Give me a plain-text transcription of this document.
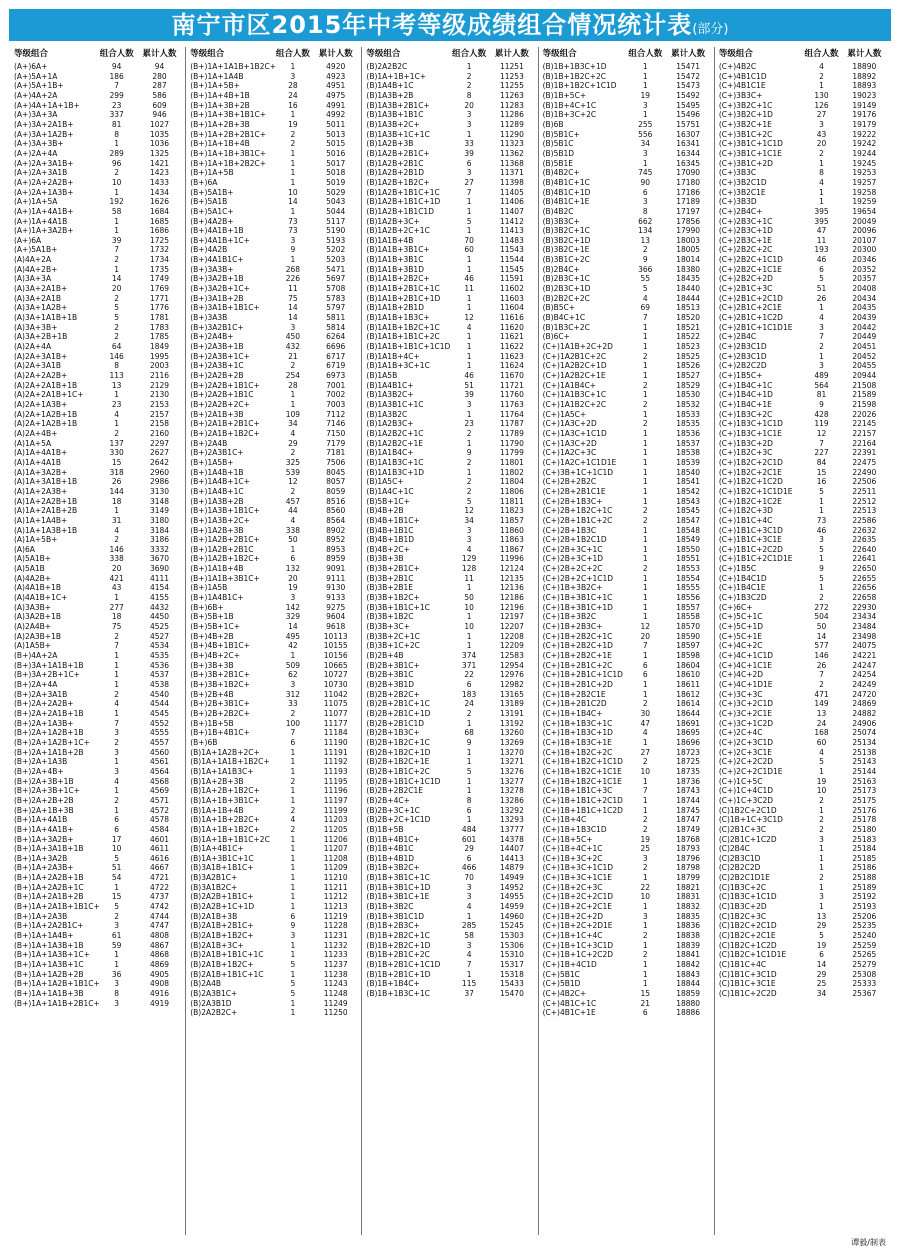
南宁市区2015年中考等级成绩组合情况统计表(部分)
等级组合	组合人数	累计人数
(A+)6A+	94	94
(A+)5A+1A	186	280
(A+)5A+1B+	7	287
(A+)4A+2A	299	586
(A+)4A+1A+1B+	23	609
(A+)3A+3A	337	946
(A+)3A+2A1B+	81	1027
(A+)3A+1A2B+	8	1035
(A+)3A+3B+	1	1036
(A+)2A+4A	289	1325
(A+)2A+3A1B+	96	1421
(A+)2A+3A1B	2	1423
(A+)2A+2A2B+	10	1433
(A+)2A+1A3B+	1	1434
(A+)1A+5A	192	1626
(A+)1A+4A1B+	58	1684
(A+)1A+4A1B	1	1685
(A+)1A+3A2B+	1	1686
(A+)6A	39	1725
(A+)5A1B+	7	1732
(A)4A+2A	2	1734
(A)4A+2B+	1	1735
(A)3A+3A	14	1749
(A)3A+2A1B+	20	1769
(A)3A+2A1B	2	1771
(A)3A+1A2B+	5	1776
(A)3A+1A1B+1B	5	1781
(A)3A+3B+	2	1783
(A)3A+2B+1B	2	1785
(A)2A+4A	64	1849
(A)2A+3A1B+	146	1995
(A)2A+3A1B	8	2003
(A)2A+2A2B+	113	2116
(A)2A+2A1B+1B	13	2129
(A)2A+2A1B+1C+	1	2130
(A)2A+1A3B+	23	2153
(A)2A+1A2B+1B	4	2157
(A)2A+1A2B+1B	1	2158
(A)2A+4B+	2	2160
(A)1A+5A	137	2297
(A)1A+4A1B+	330	2627
(A)1A+4A1B	15	2642
(A)1A+3A2B+	318	2960
(A)1A+3A1B+1B	26	2986
(A)1A+2A3B+	144	3130
(A)1A+2A2B+1B	18	3148
(A)1A+2A1B+2B	1	3149
(A)1A+1A4B+	31	3180
(A)1A+1A3B+1B	4	3184
(A)1A+5B+	2	3186
(A)6A	146	3332
(A)5A1B+	338	3670
(A)5A1B	20	3690
(A)4A2B+	421	4111
(A)4A1B+1B	43	4154
(A)4A1B+1C+	1	4155
(A)3A3B+	277	4432
(A)3A2B+1B	18	4450
(A)2A4B+	75	4525
(A)2A3B+1B	2	4527
(A)1A5B+	7	4534
(B+)4A+2A	1	4535
(B+)3A+1A1B+1B	1	4536
(B+)3A+2B+1C+	1	4537
(B+)2A+4A	1	4538
(B+)2A+3A1B	2	4540
(B+)2A+2A2B+	4	4544
(B+)2A+2A1B+1B	1	4545
(B+)2A+1A3B+	7	4552
(B+)2A+1A2B+1B	3	4555
(B+)2A+1A2B+1C+	2	4557
(B+)2A+1A1B+2B	3	4560
(B+)2A+1A3B	1	4561
(B+)2A+4B+	3	4564
(B+)2A+3B+1B	4	4568
(B+)2A+3B+1C+	1	4569
(B+)2A+2B+2B	2	4571
(B+)2A+1B+3B	1	4572
(B+)1A+4A1B	6	4578
(B+)1A+4A1B+	6	4584
(B+)1A+3A2B+	17	4601
(B+)1A+3A1B+1B	10	4611
(B+)1A+3A2B	5	4616
(B+)1A+2A3B+	51	4667
(B+)1A+2A2B+1B	54	4721
(B+)1A+2A2B+1C	1	4722
(B+)1A+2A1B+2B	15	4737
(B+)1A+2A1B+1B1C+	5	4742
(B+)1A+2A3B	2	4744
(B+)1A+2A2B1C+	3	4747
(B+)1A+1A4B+	61	4808
(B+)1A+1A3B+1B	59	4867
(B+)1A+1A3B+1C+	1	4868
(B+)1A+1A3B+1C	1	4869
(B+)1A+1A2B+2B	36	4905
(B+)1A+1A2B+1B1C+	3	4908
(B+)1A+1A1B+3B	8	4916
(B+)1A+1A1B+2B1C+	3	4919
等级组合	组合人数	累计人数
(B+)1A+1A1B+1B2C+	1	4920
(B+)1A+1A4B	3	4923
(B+)1A+5B+	28	4951
(B+)1A+4B+1B	24	4975
(B+)1A+3B+2B	16	4991
(B+)1A+3B+1B1C+	1	4992
(B+)1A+2B+3B	19	5011
(B+)1A+2B+2B1C+	2	5013
(B+)1A+1B+4B	2	5015
(B+)1A+1B+3B1C+	1	5016
(B+)1A+1B+2B2C+	1	5017
(B+)1A+5B	1	5018
(B+)6A	1	5019
(B+)5A1B+	10	5029
(B+)5A1B	14	5043
(B+)5A1C+	1	5044
(B+)4A2B+	73	5117
(B+)4A1B+1B	73	5190
(B+)4A1B+1C+	3	5193
(B+)4A2B	9	5202
(B+)4A1B1C+	1	5203
(B+)3A3B+	268	5471
(B+)3A2B+1B	226	5697
(B+)3A2B+1C+	11	5708
(B+)3A1B+2B	75	5783
(B+)3A1B+1B1C+	14	5797
(B+)3A3B	14	5811
(B+)3A2B1C+	3	5814
(B+)2A4B+	450	6264
(B+)2A3B+1B	432	6696
(B+)2A3B+1C+	21	6717
(B+)2A3B+1C	2	6719
(B+)2A2B+2B	254	6973
(B+)2A2B+1B1C+	28	7001
(B+)2A2B+1B1C	1	7002
(B+)2A2B+2C+	1	7003
(B+)2A1B+3B	109	7112
(B+)2A1B+2B1C+	34	7146
(B+)2A1B+1B2C+	4	7150
(B+)2A4B	29	7179
(B+)2A3B1C+	2	7181
(B+)1A5B+	325	7506
(B+)1A4B+1B	539	8045
(B+)1A4B+1C+	12	8057
(B+)1A4B+1C	2	8059
(B+)1A3B+2B	457	8516
(B+)1A3B+1B1C+	44	8560
(B+)1A3B+2C+	4	8564
(B+)1A2B+3B	338	8902
(B+)1A2B+2B1C+	50	8952
(B+)1A2B+2B1C	1	8953
(B+)1A2B+1B2C+	6	8959
(B+)1A1B+4B	132	9091
(B+)1A1B+3B1C+	20	9111
(B+)1A5B	19	9130
(B+)1A4B1C+	3	9133
(B+)6B+	142	9275
(B+)5B+1B	329	9604
(B+)5B+1C+	14	9618
(B+)4B+2B	495	10113
(B+)4B+1B1C+	42	10155
(B+)4B+2C+	1	10156
(B+)3B+3B	509	10665
(B+)3B+2B1C+	62	10727
(B+)3B+1B2C+	3	10730
(B+)2B+4B	312	11042
(B+)2B+3B1C+	33	11075
(B+)2B+2B2C+	2	11077
(B+)1B+5B	100	11177
(B+)1B+4B1C+	7	11184
(B+)6B	6	11190
(B)1A+1A2B+2C+	1	11191
(B)1A+1A1B+1B2C+	1	11192
(B)1A+1A1B3C+	1	11193
(B)1A+2B+3B	2	11195
(B)1A+2B+1B2C+	1	11196
(B)1A+1B+3B1C+	1	11197
(B)1A+1B+4B	2	11199
(B)1A+1B+2B2C+	4	11203
(B)1A+1B+1B2C+	2	11205
(B)1A+1B+1B1C+2C	1	11206
(B)1A+4B1C+	1	11207
(B)1A+3B1C+1C	1	11208
(B)3A1B+1B1C+	1	11209
(B)3A2B1C+	1	11210
(B)3A1B2C+	1	11211
(B)2A2B+1B1C+	1	11212
(B)2A2B+1C+1D	1	11213
(B)2A1B+3B	6	11219
(B)2A1B+2B1C+	9	11228
(B)2A1B+1B2C+	3	11231
(B)2A1B+3C+	1	11232
(B)2A1B+1B1C+1C	1	11233
(B)2A1B+1B2C+	5	11237
(B)2A1B+1B1C+1C	1	11238
(B)2A4B	5	11243
(B)2A3B1C+	5	11248
(B)2A3B1D	1	11249
(B)2A2B2C+	1	11250
等级组合	组合人数	累计人数
(B)2A2B2C	1	11251
(B)1A+1B+1C+	2	11253
(B)1A4B+1C	2	11255
(B)1A3B+2B	8	11263
(B)1A3B+2B1C+	20	11283
(B)1A3B+1B1C	3	11286
(B)1A3B+2C+	3	11289
(B)1A3B+1C+1C	1	11290
(B)1A2B+3B	33	11323
(B)1A2B+2B1C+	39	11362
(B)1A2B+2B1C	6	11368
(B)1A2B+2B1D	3	11371
(B)1A2B+1B2C+	27	11398
(B)1A2B+1B1C+1C	7	11405
(B)1A2B+1B1C+1D	1	11406
(B)1A2B+1B1C1D	1	11407
(B)1A2B+3C+	5	11412
(B)1A2B+2C+1C	1	11413
(B)1A1B+4B	70	11483
(B)1A1B+3B1C+	60	11543
(B)1A1B+3B1C	1	11544
(B)1A1B+3B1D	1	11545
(B)1A1B+2B2C+	46	11591
(B)1A1B+2B1C+1C	11	11602
(B)1A1B+2B1C+1D	1	11603
(B)1A1B+2B1D	1	11604
(B)1A1B+1B3C+	12	11616
(B)1A1B+1B2C+1C	4	11620
(B)1A1B+1B1C+2C	1	11621
(B)1A1B+1B1C+1C1D	1	11622
(B)1A1B+4C+	1	11623
(B)1A1B+3C+1C	1	11624
(B)1A5B	46	11670
(B)1A4B1C+	51	11721
(B)1A3B2C+	39	11760
(B)1A3B1C+1C	3	11763
(B)1A3B2C	1	11764
(B)1A2B3C+	23	11787
(B)1A2B2C+1C	2	11789
(B)1A2B2C+1E	1	11790
(B)1A1B4C+	9	11799
(B)1A1B3C+1C	2	11801
(B)1A1B3C+1D	1	11802
(B)1A5C+	2	11804
(B)1A4C+1C	2	11806
(B)5B+1C+	5	11811
(B)4B+2B	12	11823
(B)4B+1B1C+	34	11857
(B)4B+1B1C	3	11860
(B)4B+1B1D	3	11863
(B)4B+2C+	4	11867
(B)3B+3B	129	11996
(B)3B+2B1C+	128	12124
(B)3B+2B1C	11	12135
(B)3B+2B1E	1	12136
(B)3B+1B2C+	50	12186
(B)3B+1B1C+1C	10	12196
(B)3B+1B2C	1	12197
(B)3B+3C+	10	12207
(B)3B+2C+1C	1	12208
(B)3B+1C+2C	1	12209
(B)2B+4B	374	12583
(B)2B+3B1C+	371	12954
(B)2B+3B1C	22	12976
(B)2B+3B1D	6	12982
(B)2B+2B2C+	183	13165
(B)2B+2B1C+1C	24	13189
(B)2B+2B1C+1D	2	13191
(B)2B+2B1C1D	1	13192
(B)2B+1B3C+	68	13260
(B)2B+1B2C+1C	9	13269
(B)2B+1B2C+1D	1	13270
(B)2B+1B2C+1E	1	13271
(B)2B+1B1C+2C	5	13276
(B)2B+1B1C+1C1D	1	13277
(B)2B+2B2C1E	1	13278
(B)2B+4C+	8	13286
(B)2B+3C+1C	6	13292
(B)2B+2C+1C1D	1	13293
(B)1B+5B	484	13777
(B)1B+4B1C+	601	14378
(B)1B+4B1C	29	14407
(B)1B+4B1D	6	14413
(B)1B+3B2C+	466	14879
(B)1B+3B1C+1C	70	14949
(B)1B+3B1C+1D	3	14952
(B)1B+3B1C+1E	3	14955
(B)1B+3B2C	4	14959
(B)1B+3B1C1D	1	14960
(B)1B+2B3C+	285	15245
(B)1B+2B2C+1C	58	15303
(B)1B+2B2C+1D	3	15306
(B)1B+2B1C+2C	4	15310
(B)1B+2B1C+1C1D	7	15317
(B)1B+2B1C+1D	1	15318
(B)1B+1B4C+	115	15433
(B)1B+1B3C+1C	37	15470
等级组合	组合人数	累计人数
(B)1B+1B3C+1D	1	15471
(B)1B+1B2C+2C	1	15472
(B)1B+1B2C+1C1D	1	15473
(B)1B+5C+	19	15492
(B)1B+4C+1C	3	15495
(B)1B+3C+2C	1	15496
(B)6B	255	15751
(B)5B1C+	556	16307
(B)5B1C	34	16341
(B)5B1D	3	16344
(B)5B1E	1	16345
(B)4B2C+	745	17090
(B)4B1C+1C	90	17180
(B)4B1C+1D	6	17186
(B)4B1C+1E	3	17189
(B)4B2C	8	17197
(B)3B3C+	662	17856
(B)3B2C+1C	134	17990
(B)3B2C+1D	13	18003
(B)3B2C+1E	2	18005
(B)3B1C+2C	9	18014
(B)2B4C+	366	18380
(B)2B3C+1C	55	18435
(B)2B3C+1D	5	18440
(B)2B2C+2C	4	18444
(B)B5C+	69	18513
(B)B4C+1C	7	18520
(B)1B3C+2C	1	18521
(B)6C+	1	18522
(C+)1A1B+2C+2D	1	18523
(C+)1A2B1C+2C	2	18525
(C+)1A2B2C+1D	1	18526
(C+)1A2B2C+1E	1	18527
(C+)1A1B4C+	2	18529
(C+)1A1B3C+1C	1	18530
(C+)1A1B2C+2C	2	18532
(C+)1A5C+	1	18533
(C+)1A3C+2D	2	18535
(C+)1A3C+1C1D	1	18536
(C+)1A3C+2D	1	18537
(C+)1A2C+3C	1	18538
(C+)1A2C+1C1D1E	1	18539
(C+)3B+1C+1C1D	1	18540
(C+)2B+2B2C	1	18541
(C+)2B+2B1C1E	1	18542
(C+)2B+1B3C+	1	18543
(C+)2B+1B2C+1C	2	18545
(C+)2B+1B1C+2C	2	18547
(C+)2B+1B3C	1	18548
(C+)2B+1B2C1D	1	18549
(C+)2B+3C+1C	1	18550
(C+)2B+3C+1D	1	18551
(C+)2B+2C+2C	2	18553
(C+)2B+2C+1C1D	1	18554
(C+)1B+3B2C+	1	18555
(C+)1B+3B1C+1C	1	18556
(C+)1B+3B1C+1D	1	18557
(C+)1B+3B2C	1	18558
(C+)1B+2B3C+	12	18570
(C+)1B+2B2C+1C	20	18590
(C+)1B+2B2C+1D	7	18597
(C+)1B+2B2C+1E	1	18598
(C+)1B+2B1C+2C	6	18604
(C+)1B+2B1C+1C1D	6	18610
(C+)1B+2B1C+2D	1	18611
(C+)1B+2B2C1E	1	18612
(C+)1B+2B1C2D	2	18614
(C+)1B+1B4C+	30	18644
(C+)1B+1B3C+1C	47	18691
(C+)1B+1B3C+1D	4	18695
(C+)1B+1B3C+1E	1	18696
(C+)1B+1B2C+2C	27	18723
(C+)1B+1B2C+1C1D	2	18725
(C+)1B+1B2C+1C1E	10	18735
(C+)1B+1B2C+1C1E	1	18736
(C+)1B+1B1C+3C	7	18743
(C+)1B+1B1C+2C1D	1	18744
(C+)1B+1B1C+1C2D	1	18745
(C+)1B+4C	2	18747
(C+)1B+1B3C1D	2	18749
(C+)1B+5C+	19	18768
(C+)1B+4C+1C	25	18793
(C+)1B+3C+2C	3	18796
(C+)1B+3C+1C1D	2	18798
(C+)1B+3C+1C1E	1	18799
(C+)1B+2C+3C	22	18821
(C+)1B+2C+2C1D	10	18831
(C+)1B+2C+2C1E	1	18832
(C+)1B+2C+2D	3	18835
(C+)1B+2C+2D1E	1	18836
(C+)1B+1C+4C	2	18838
(C+)1B+1C+3C1D	1	18839
(C+)1B+1C+2C2D	2	18841
(C+)1B+4C1D	1	18842
(C+)5B1C	1	18843
(C+)5B1D	1	18844
(C+)4B2C+	15	18859
(C+)4B1C+1C	21	18880
(C+)4B1C+1E	6	18886
等级组合	组合人数	累计人数
(C+)4B2C	4	18890
(C+)4B1C1D	2	18892
(C+)4B1C1E	1	18893
(C+)3B3C+	130	19023
(C+)3B2C+1C	126	19149
(C+)3B2C+1D	27	19176
(C+)3B2C+1E	3	19179
(C+)3B1C+2C	43	19222
(C+)3B1C+1C1D	20	19242
(C+)3B1C+1C1E	2	19244
(C+)3B1C+2D	1	19245
(C+)3B3C	8	19253
(C+)3B2C1D	4	19257
(C+)3B2C1E	1	19258
(C+)3B3D	1	19259
(C+)2B4C+	395	19654
(C+)2B3C+1C	395	20049
(C+)2B3C+1D	47	20096
(C+)2B3C+1E	11	20107
(C+)2B2C+2C	193	20300
(C+)2B2C+1C1D	46	20346
(C+)2B2C+1C1E	6	20352
(C+)2B2C+2D	5	20357
(C+)2B1C+3C	51	20408
(C+)2B1C+2C1D	26	20434
(C+)2B1C+2C1E	1	20435
(C+)2B1C+1C2D	4	20439
(C+)2B1C+1C1D1E	3	20442
(C+)2B4C	7	20449
(C+)2B3C1D	2	20451
(C+)2B3C1D	1	20452
(C+)2B2C2D	3	20455
(C+)1B5C+	489	20944
(C+)1B4C+1C	564	21508
(C+)1B4C+1D	81	21589
(C+)1B4C+1E	9	21598
(C+)1B3C+2C	428	22026
(C+)1B3C+1C1D	119	22145
(C+)1B3C+1C1E	12	22157
(C+)1B3C+2D	7	22164
(C+)1B2C+3C	227	22391
(C+)1B2C+2C1D	84	22475
(C+)1B2C+2C1E	15	22490
(C+)1B2C+1C2D	16	22506
(C+)1B2C+1C1D1E	5	22511
(C+)1B2C+1C2E	1	22512
(C+)1B2C+3D	1	22513
(C+)1B1C+4C	73	22586
(C+)1B1C+3C1D	46	22632
(C+)1B1C+3C1E	3	22635
(C+)1B1C+2C2D	5	22640
(C+)1B1C+2C1D1E	1	22641
(C+)1B5C	9	22650
(C+)1B4C1D	5	22655
(C+)1B4C1E	1	22656
(C+)1B3C2D	2	22658
(C+)6C+	272	22930
(C+)5C+1C	504	23434
(C+)5C+1D	50	23484
(C+)5C+1E	14	23498
(C+)4C+2C	577	24075
(C+)4C+1C1D	146	24221
(C+)4C+1C1E	26	24247
(C+)4C+2D	7	24254
(C+)4C+1D1E	2	24249
(C+)3C+3C	471	24720
(C+)3C+2C1D	149	24869
(C+)3C+2C1E	13	24882
(C+)3C+1C2D	24	24906
(C+)2C+4C	168	25074
(C+)2C+3C1D	60	25134
(C+)2C+3C1E	4	25138
(C+)2C+2C2D	5	25143
(C+)2C+2C1D1E	1	25144
(C+)1C+5C	19	25163
(C+)1C+4C1D	10	25173
(C+)1C+3C2D	2	25175
(C)1B2C+2C1D	1	25176
(C)1B+1C+3C1D	2	25178
(C)2B1C+3C	2	25180
(C)2B1C+1C2D	3	25183
(C)2B4C	1	25184
(C)2B3C1D	1	25185
(C)2B2C2D	1	25186
(C)2B2C1D1E	2	25188
(C)1B3C+2C	1	25189
(C)1B3C+1C1D	3	25192
(C)1B3C+2D	1	25193
(C)1B2C+3C	13	25206
(C)1B2C+2C1D	29	25235
(C)1B2C+2C1E	5	25240
(C)1B2C+1C2D	19	25259
(C)1B2C+1C1D1E	6	25265
(C)1B1C+4C	14	25279
(C)1B1C+3C1D	29	25308
(C)1B1C+3C1E	25	25333
(C)1B1C+2C2D	34	25367
谭毅/制表
